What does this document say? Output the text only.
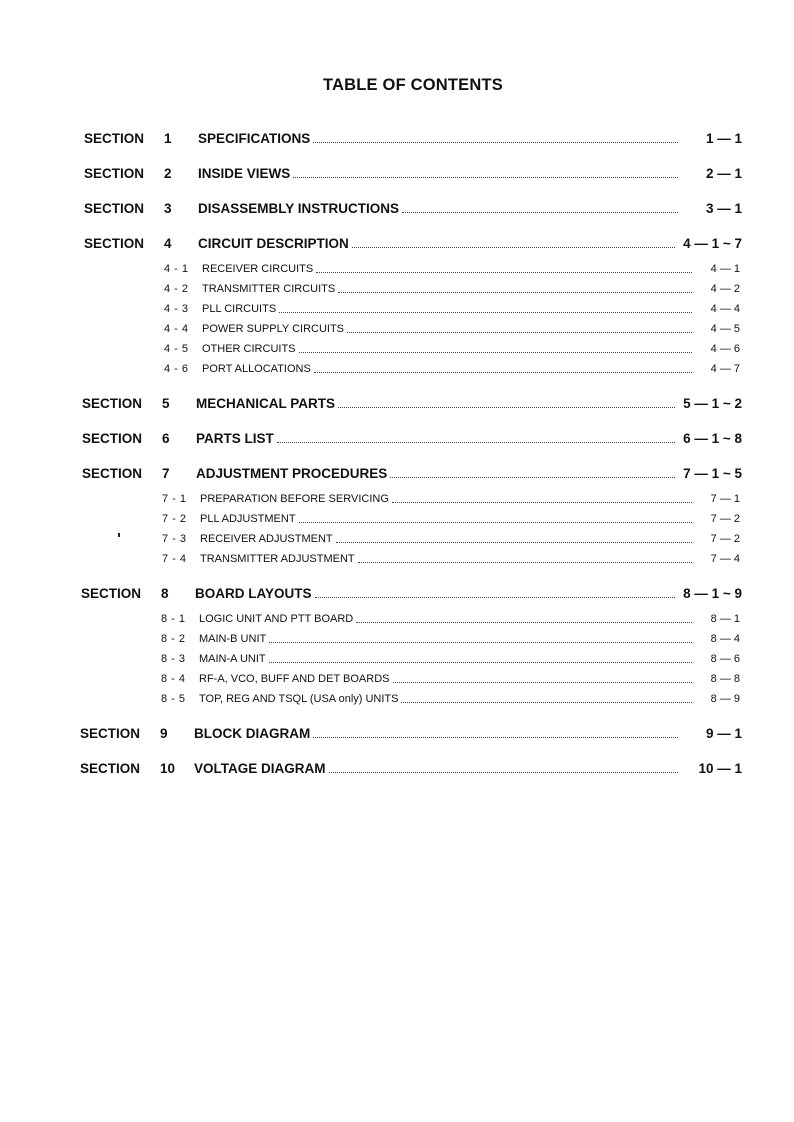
TABLE OF CONTENTS
SECTION	1	SPECIFICATIONS	1 — 1
SECTION	2	INSIDE VIEWS	2 — 1
SECTION	3	DISASSEMBLY INSTRUCTIONS	3 — 1
SECTION	4	CIRCUIT DESCRIPTION	4 — 1 ~ 7
4 - 1	RECEIVER CIRCUITS	4 — 1
4 - 2	TRANSMITTER CIRCUITS	4 — 2
4 - 3	PLL CIRCUITS	4 — 4
4 - 4	POWER SUPPLY CIRCUITS	4 — 5
4 - 5	OTHER CIRCUITS	4 — 6
4 - 6	PORT ALLOCATIONS	4 — 7
SECTION	5	MECHANICAL PARTS	5 — 1 ~ 2
SECTION	6	PARTS LIST	6 — 1 ~ 8
SECTION	7	ADJUSTMENT PROCEDURES	7 — 1 ~ 5
7 - 1	PREPARATION BEFORE SERVICING	7 — 1
7 - 2	PLL ADJUSTMENT	7 — 2
7 - 3	RECEIVER ADJUSTMENT	7 — 2
7 - 4	TRANSMITTER ADJUSTMENT	7 — 4
SECTION	8	BOARD LAYOUTS	8 — 1 ~ 9
8 - 1	LOGIC UNIT AND PTT BOARD	8 — 1
8 - 2	MAIN-B UNIT	8 — 4
8 - 3	MAIN-A UNIT	8 — 6
8 - 4	RF-A, VCO, BUFF AND DET BOARDS	8 — 8
8 - 5	TOP, REG AND TSQL (USA only) UNITS	8 — 9
SECTION	9	BLOCK DIAGRAM	9 — 1
SECTION	10	VOLTAGE DIAGRAM	10 — 1
